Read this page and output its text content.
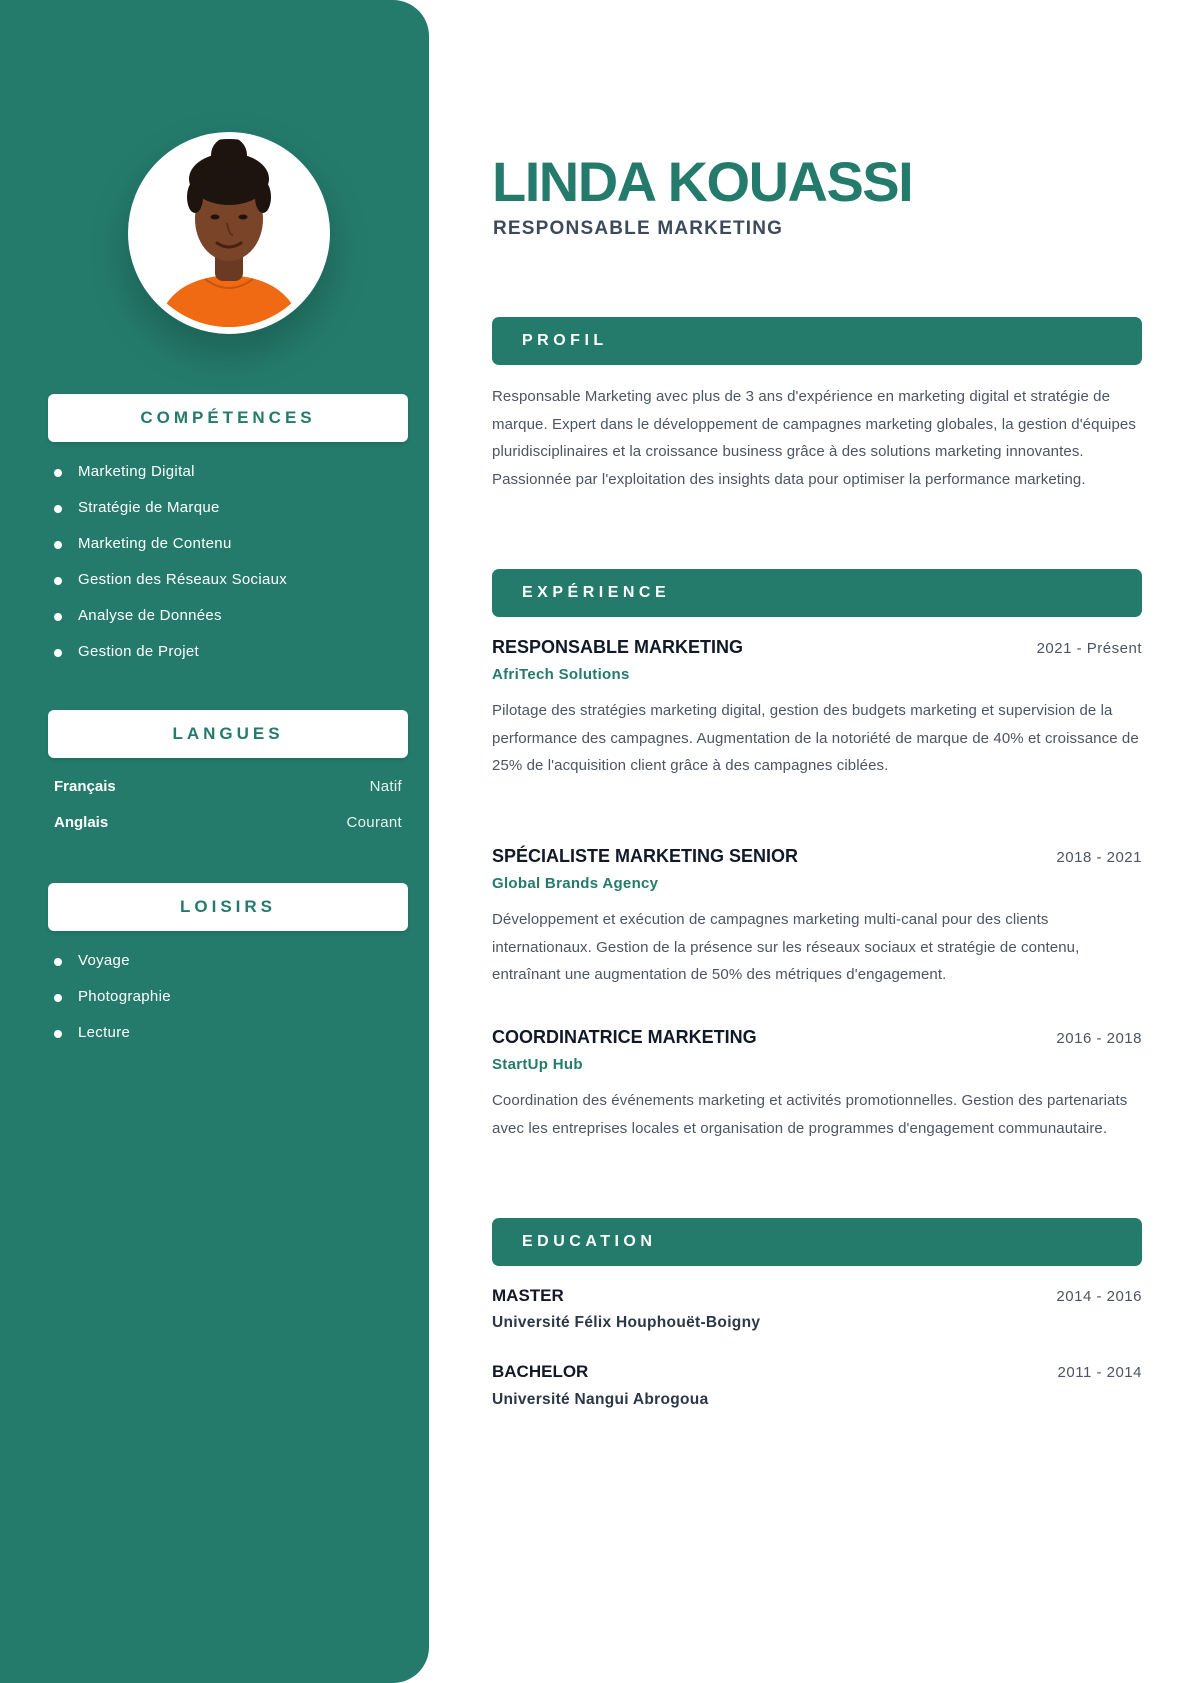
COMPÉTENCES
Marketing Digital
Stratégie de Marque
Marketing de Contenu
Gestion des Réseaux Sociaux
Analyse de Données
Gestion de Projet
LANGUES
Français	Natif
Anglais	Courant
LOISIRS
Voyage
Photographie
Lecture
LINDA KOUASSI
RESPONSABLE MARKETING
PROFIL

Responsable Marketing avec plus de 3 ans d'expérience en marketing digital et stratégie de marque. Expert dans le développement de campagnes marketing globales, la gestion d'équipes pluridisciplinaires et la croissance business grâce à des solutions marketing innovantes. Passionnée par l'exploitation des insights data pour optimiser la performance marketing.

EXPÉRIENCE
RESPONSABLE MARKETING	2021 - Présent
AfriTech Solutions

Pilotage des stratégies marketing digital, gestion des budgets marketing et supervision de la performance des campagnes. Augmentation de la notoriété de marque de 40% et croissance de 25% de l'acquisition client grâce à des campagnes ciblées.

SPÉCIALISTE MARKETING SENIOR	2018 - 2021
Global Brands Agency

Développement et exécution de campagnes marketing multi-canal pour des clients internationaux. Gestion de la présence sur les réseaux sociaux et stratégie de contenu, entraînant une augmentation de 50% des métriques d'engagement.

COORDINATRICE MARKETING	2016 - 2018
StartUp Hub

Coordination des événements marketing et activités promotionnelles. Gestion des partenariats avec les entreprises locales et organisation de programmes d'engagement communautaire.

EDUCATION
MASTER	2014 - 2016
Université Félix Houphouët-Boigny
BACHELOR	2011 - 2014
Université Nangui Abrogoua
